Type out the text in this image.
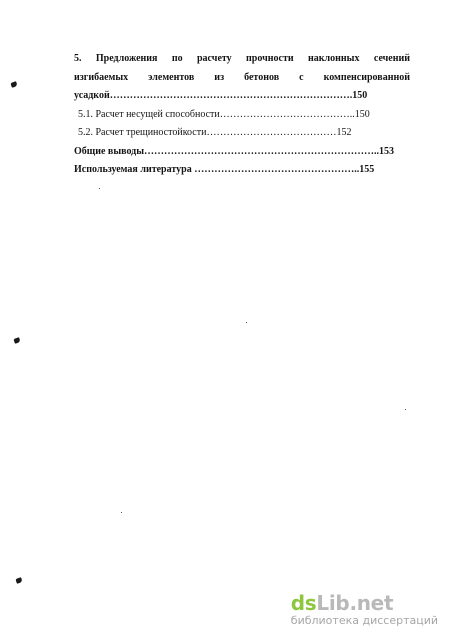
5. Предложения по расчету прочности наклонных сечений
изгибаемых элементов из бетонов с компенсированной
усадкой……………………………………………………………….150
5.1. Расчет несущей способности…………………………………..150
5.2. Расчет трещиностойкости…………………………………152
Общие выводы……………………………………………………………..153
Используемая литература …………………………………………..155
dsLib.net
библиотека диссертаций
